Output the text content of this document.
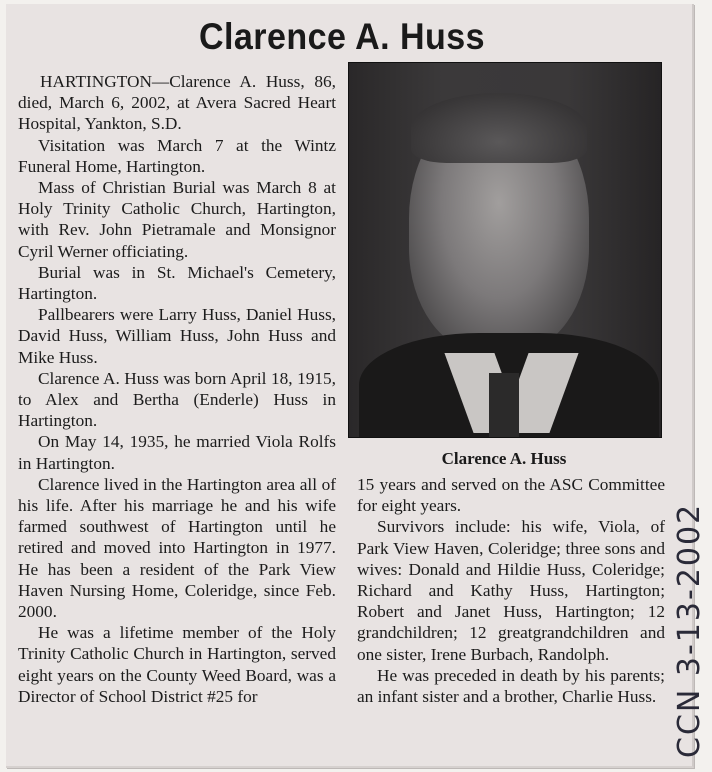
Clarence A. Huss

HARTINGTON—Clarence A. Huss, 86, died, March 6, 2002, at Avera Sacred Heart Hospital, Yankton, S.D.

Visitation was March 7 at the Wintz Funeral Home, Hartington.

Mass of Christian Burial was March 8 at Holy Trinity Catholic Church, Hartington, with Rev. John Pietramale and Monsignor Cyril Werner officiating.

Burial was in St. Michael's Cemetery, Hartington.

Pallbearers were Larry Huss, Daniel Huss, David Huss, William Huss, John Huss and Mike Huss.

Clarence A. Huss was born April 18, 1915, to Alex and Bertha (Enderle) Huss in Hartington.

On May 14, 1935, he married Viola Rolfs in Hartington.

Clarence lived in the Hartington area all of his life. After his marriage he and his wife farmed southwest of Hartington until he retired and moved into Hartington in 1977. He has been a resident of the Park View Haven Nursing Home, Coleridge, since Feb. 2000.

He was a lifetime member of the Holy Trinity Catholic Church in Hartington, served eight years on the County Weed Board, was a Director of School District #25 for

Clarence A. Huss

15 years and served on the ASC Committee for eight years.

Survivors include: his wife, Viola, of Park View Haven, Coleridge; three sons and wives: Donald and Hildie Huss, Coleridge; Richard and Kathy Huss, Hartington; Robert and Janet Huss, Hartington; 12 grandchildren; 12 greatgrandchildren and one sister, Irene Burbach, Randolph.

He was preceded in death by his parents; an infant sister and a brother, Charlie Huss. CCN 3-13-2002
